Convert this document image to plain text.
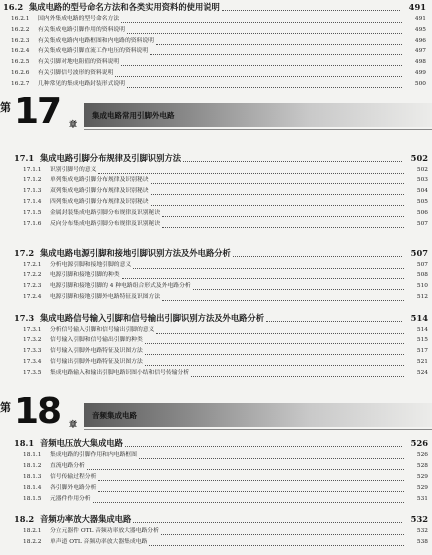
16.2 集成电路的型号命名方法和各类实用资料的使用说明	491
16.2.1	国内外集成电路的型号命名方法	491
16.2.2	有关集成电路引脚作用的资料说明	495
16.2.3	有关集成电路内电路框图和内电路的资料说明	496
16.2.4	有关集成电路引脚直流工作电压的资料说明	497
16.2.5	有关引脚对地电阻值的资料说明	498
16.2.6	有关引脚信号波形的资料说明	499
16.2.7	几种常见的集成电路封装形式说明	500
第 17 章
集成电路常用引脚外电路
17.1 集成电路引脚分布规律及引脚识别方法	502
17.1.1	识别引脚号的意义	502
17.1.2	单列集成电路引脚分布规律及识别秘诀	503
17.1.3	双列集成电路引脚分布规律及识别秘诀	504
17.1.4	四列集成电路引脚分布规律及识别秘诀	505
17.1.5	金属封装集成电路引脚分布规律及识别秘诀	506
17.1.6	反向分布集成电路引脚分布规律及识别秘诀	507
17.2 集成电路电源引脚和接地引脚识别方法及外电路分析	507
17.2.1	分析电源引脚和接地引脚的意义	507
17.2.2	电源引脚和接地引脚的种类	508
17.2.3	电源引脚和接地引脚的 4 种电路组合形式及外电路分析	510
17.2.4	电源引脚和接地引脚外电路特征及识图方法	512
17.3 集成电路信号输入引脚和信号输出引脚识别方法及外电路分析	514
17.3.1	分析信号输入引脚和信号输出引脚的意义	514
17.3.2	信号输入引脚和信号输出引脚的种类	515
17.3.3	信号输入引脚外电路特征及识图方法	517
17.3.4	信号输出引脚外电路特征及识图方法	521
17.3.5	集成电路输入和输出引脚电路识图小结和信号传输分析	524
第 18 章
音频集成电路
18.1 音频电压放大集成电路	526
18.1.1	集成电路的引脚作用和内电路框图	526
18.1.2	直流电路分析	528
18.1.3	信号传输过程分析	529
18.1.4	各引脚外电路分析	529
18.1.5	元器件作用分析	531
18.2 音频功率放大器集成电路	532
18.2.1	分立元器件 OTL 音频功率放大器电路分析	532
18.2.2	单声道 OTL 音频功率放大器集成电路	538
